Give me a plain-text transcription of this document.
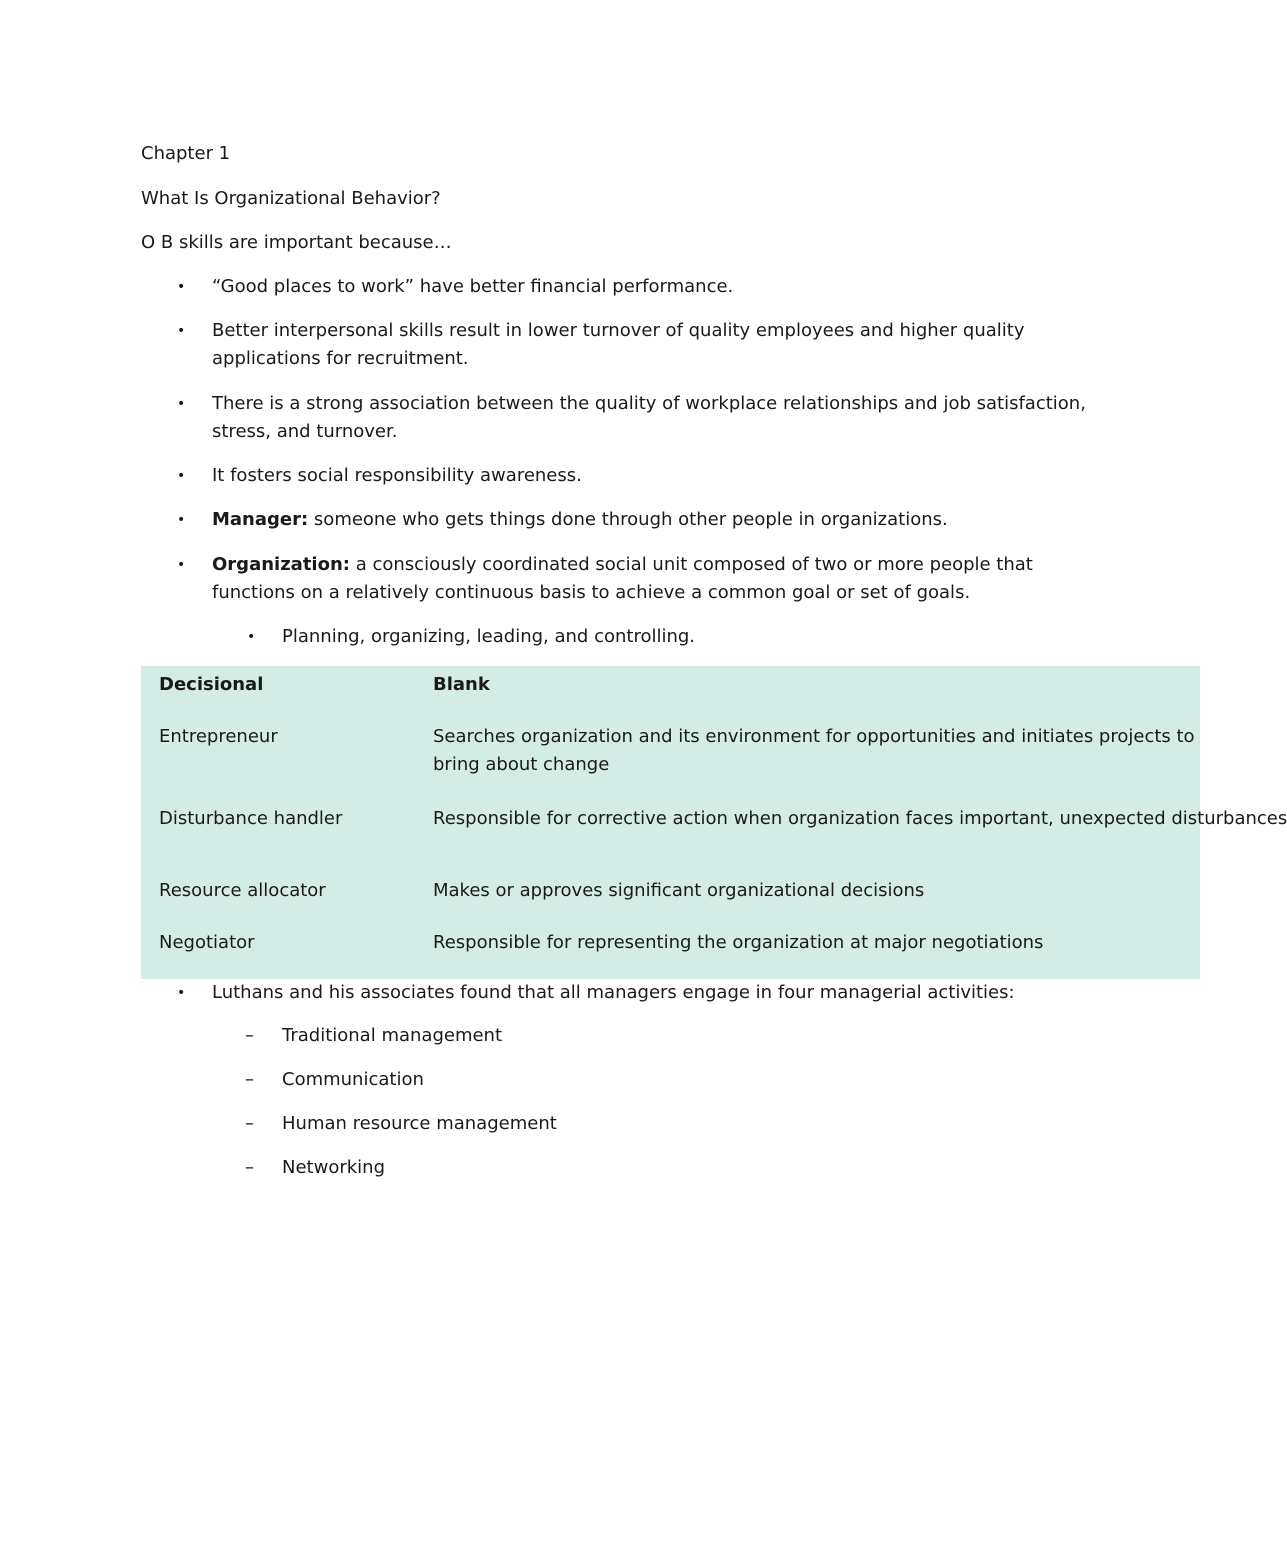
Chapter 1
What Is Organizational Behavior?
O B skills are important because…
• “Good places to work” have better financial performance.
• Better interpersonal skills result in lower turnover of quality employees and higher quality applications for recruitment.
• There is a strong association between the quality of workplace relationships and job satisfaction, stress, and turnover.
• It fosters social responsibility awareness.
• Manager: someone who gets things done through other people in organizations.
• Organization: a consciously coordinated social unit composed of two or more people that functions on a relatively continuous basis to achieve a common goal or set of goals.
• Planning, organizing, leading, and controlling.
Decisional	Blank
Entrepreneur	Searches organization and its environment for opportunities and initiates projects to bring about change
Disturbance handler	Responsible for corrective action when organization faces important, unexpected disturbances
Resource allocator	Makes or approves significant organizational decisions
Negotiator	Responsible for representing the organization at major negotiations
• Luthans and his associates found that all managers engage in four managerial activities:
– Traditional management
– Communication
– Human resource management
– Networking
